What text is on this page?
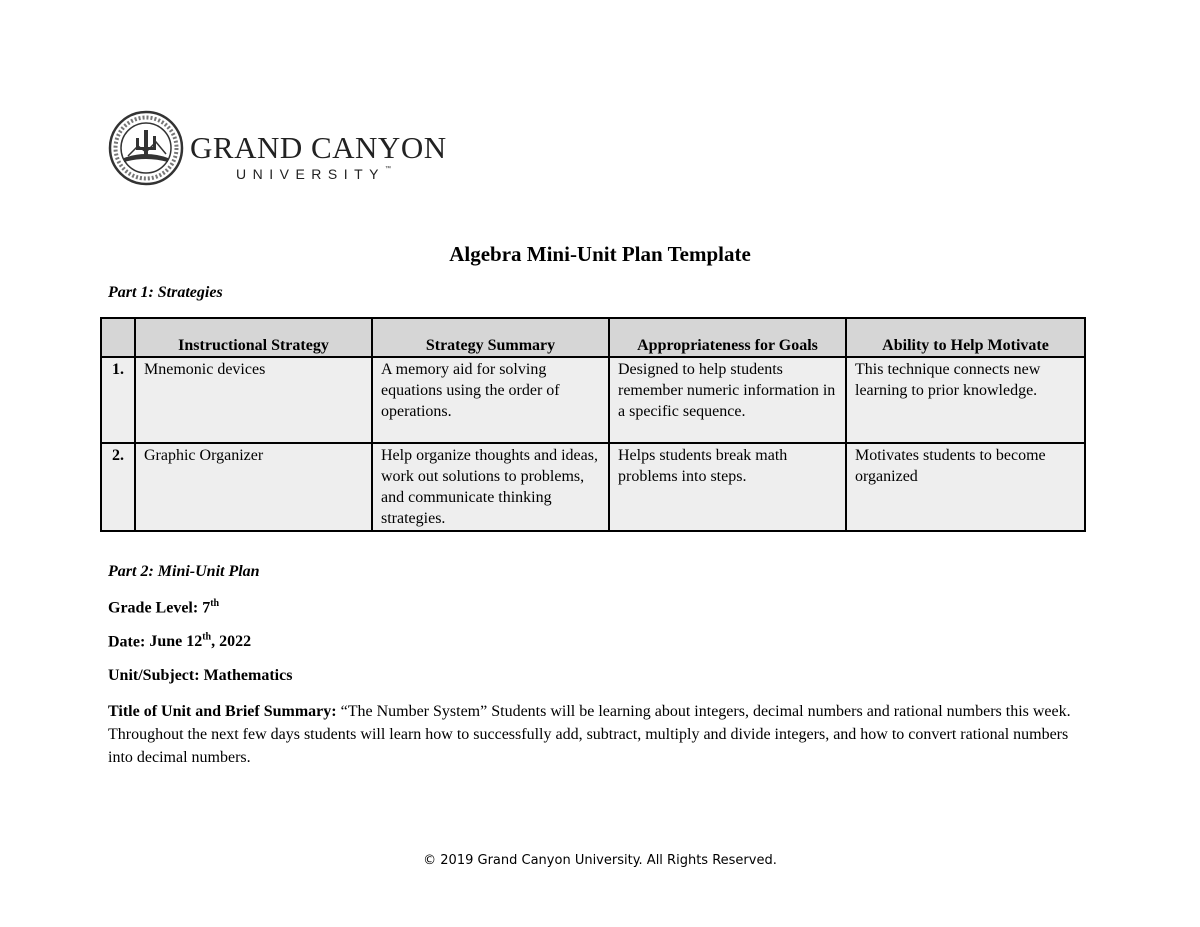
GRAND CANYON
UNIVERSITY™
Algebra Mini-Unit Plan Template
Part 1: Strategies
	Instructional Strategy	Strategy Summary	Appropriateness for Goals	Ability to Help Motivate
1.	Mnemonic devices	A memory aid for solving equations using the order of operations.	Designed to help students remember numeric information in a specific sequence.	This technique connects new learning to prior knowledge.
2.	Graphic Organizer	Help organize thoughts and ideas, work out solutions to problems, and communicate thinking strategies.	Helps students break math problems into steps.	Motivates students to become organized
Part 2: Mini-Unit Plan
Grade Level: 7th
Date: June 12th, 2022
Unit/Subject: Mathematics
Title of Unit and Brief Summary: “The Number System” Students will be learning about integers, decimal numbers and rational numbers this week. Throughout the next few days students will learn how to successfully add, subtract, multiply and divide integers, and how to convert rational numbers into decimal numbers.
© 2019 Grand Canyon University. All Rights Reserved.
